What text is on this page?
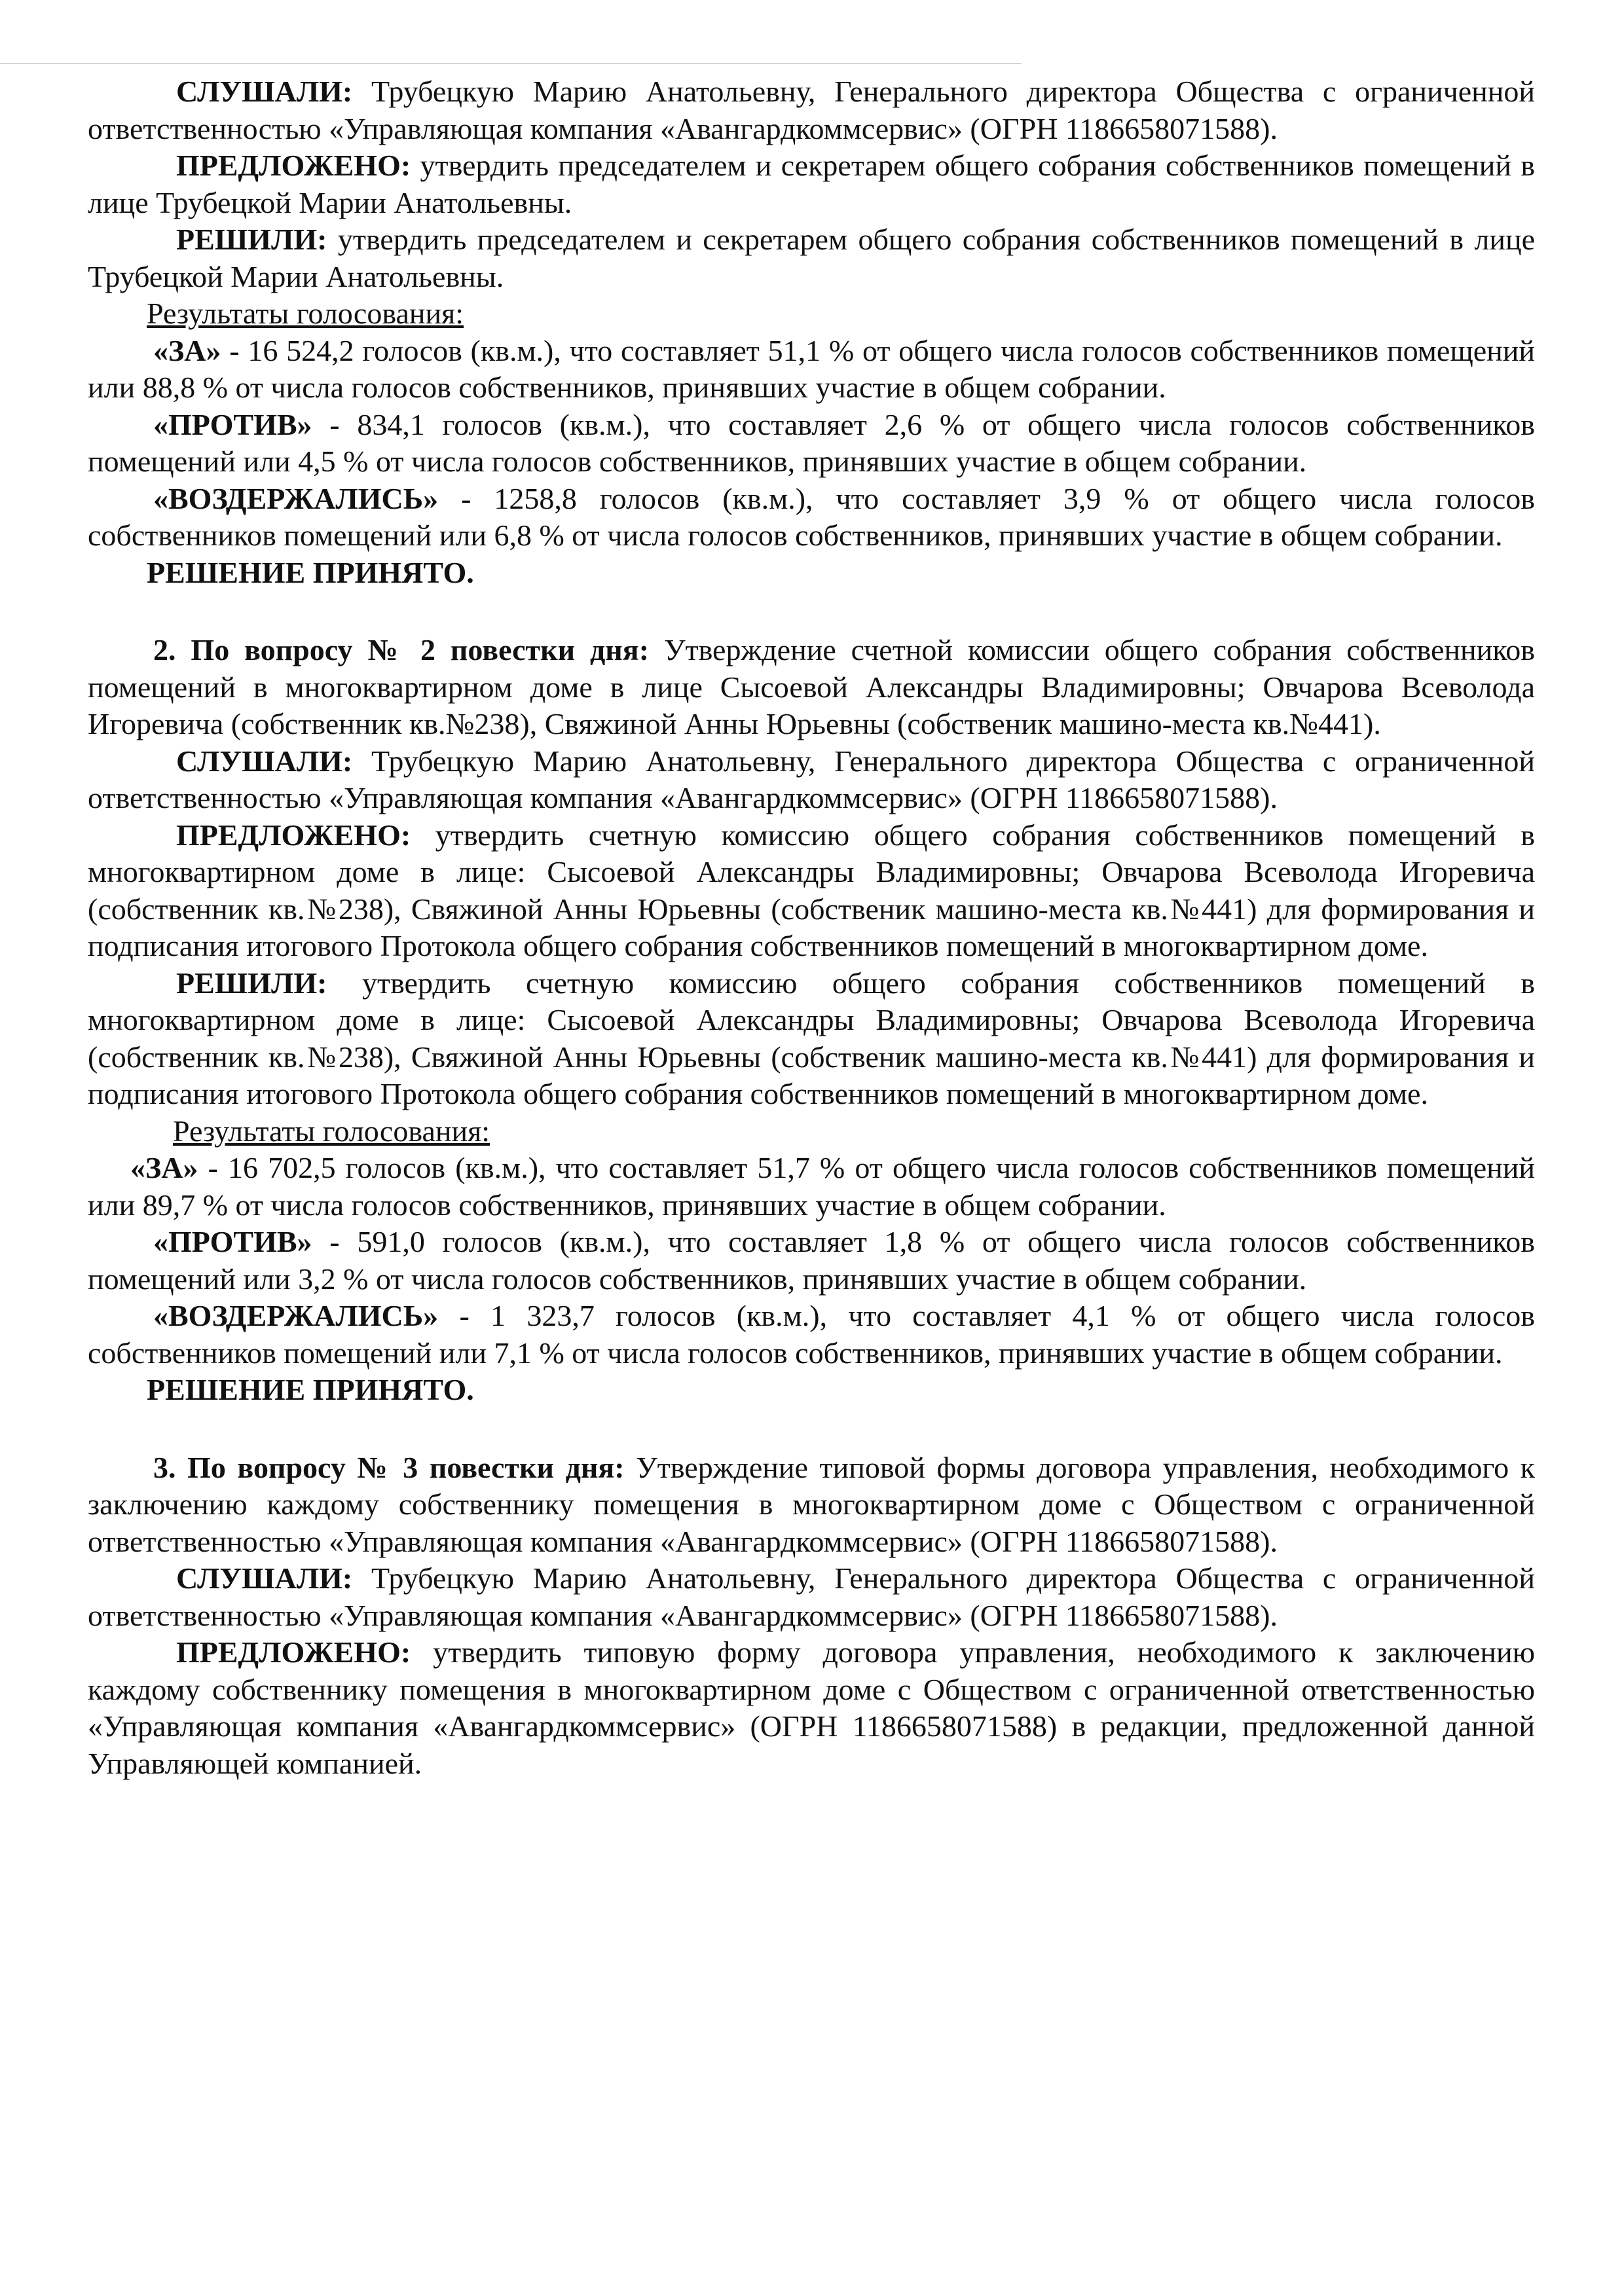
СЛУШАЛИ: Трубецкую Марию Анатольевну, Генерального директора Общества с ограниченной ответственностью «Управляющая компания «Авангардкоммсервис» (ОГРН 1186658071588).

ПРЕДЛОЖЕНО: утвердить председателем и секретарем общего собрания собственников помещений в лице Трубецкой Марии Анатольевны.

РЕШИЛИ: утвердить председателем и секретарем общего собрания собственников помещений в лице Трубецкой Марии Анатольевны.

Результаты голосования:

«ЗА» - 16 524,2 голосов (кв.м.), что составляет 51,1 % от общего числа голосов собственников помещений или 88,8 % от числа голосов собственников, принявших участие в общем собрании.

«ПРОТИВ» - 834,1 голосов (кв.м.), что составляет 2,6 % от общего числа голосов собственников помещений или 4,5 % от числа голосов собственников, принявших участие в общем собрании.

«ВОЗДЕРЖАЛИСЬ» - 1258,8 голосов (кв.м.), что составляет 3,9 % от общего числа голосов собственников помещений или 6,8 % от числа голосов собственников, принявших участие в общем собрании.

РЕШЕНИЕ ПРИНЯТО.

2. По вопросу № 2 повестки дня: Утверждение счетной комиссии общего собрания собственников помещений в многоквартирном доме в лице Сысоевой Александры Владимировны; Овчарова Всеволода Игоревича (собственник кв.№238), Свяжиной Анны Юрьевны (собственик машино-места кв.№441).

СЛУШАЛИ: Трубецкую Марию Анатольевну, Генерального директора Общества с ограниченной ответственностью «Управляющая компания «Авангардкоммсервис» (ОГРН 1186658071588).

ПРЕДЛОЖЕНО: утвердить счетную комиссию общего собрания собственников помещений в многоквартирном доме в лице: Сысоевой Александры Владимировны; Овчарова Всеволода Игоревича (собственник кв.№238), Свяжиной Анны Юрьевны (собственик машино-места кв.№441) для формирования и подписания итогового Протокола общего собрания собственников помещений в многоквартирном доме.

РЕШИЛИ: утвердить счетную комиссию общего собрания собственников помещений в многоквартирном доме в лице: Сысоевой Александры Владимировны; Овчарова Всеволода Игоревича (собственник кв.№238), Свяжиной Анны Юрьевны (собственик машино-места кв.№441) для формирования и подписания итогового Протокола общего собрания собственников помещений в многоквартирном доме.

Результаты голосования:

«ЗА» - 16 702,5 голосов (кв.м.), что составляет 51,7 % от общего числа голосов собственников помещений или 89,7 % от числа голосов собственников, принявших участие в общем собрании.

«ПРОТИВ» - 591,0 голосов (кв.м.), что составляет 1,8 % от общего числа голосов собственников помещений или 3,2 % от числа голосов собственников, принявших участие в общем собрании.

«ВОЗДЕРЖАЛИСЬ» - 1 323,7 голосов (кв.м.), что составляет 4,1 % от общего числа голосов собственников помещений или 7,1 % от числа голосов собственников, принявших участие в общем собрании.

РЕШЕНИЕ ПРИНЯТО.

3. По вопросу № 3 повестки дня: Утверждение типовой формы договора управления, необходимого к заключению каждому собственнику помещения в многоквартирном доме с Обществом с ограниченной ответственностью «Управляющая компания «Авангардкоммсервис» (ОГРН 1186658071588).

СЛУШАЛИ: Трубецкую Марию Анатольевну, Генерального директора Общества с ограниченной ответственностью «Управляющая компания «Авангардкоммсервис» (ОГРН 1186658071588).

ПРЕДЛОЖЕНО: утвердить типовую форму договора управления, необходимого к заключению каждому собственнику помещения в многоквартирном доме с Обществом с ограниченной ответственностью «Управляющая компания «Авангардкоммсервис» (ОГРН 1186658071588) в редакции, предложенной данной Управляющей компанией.
